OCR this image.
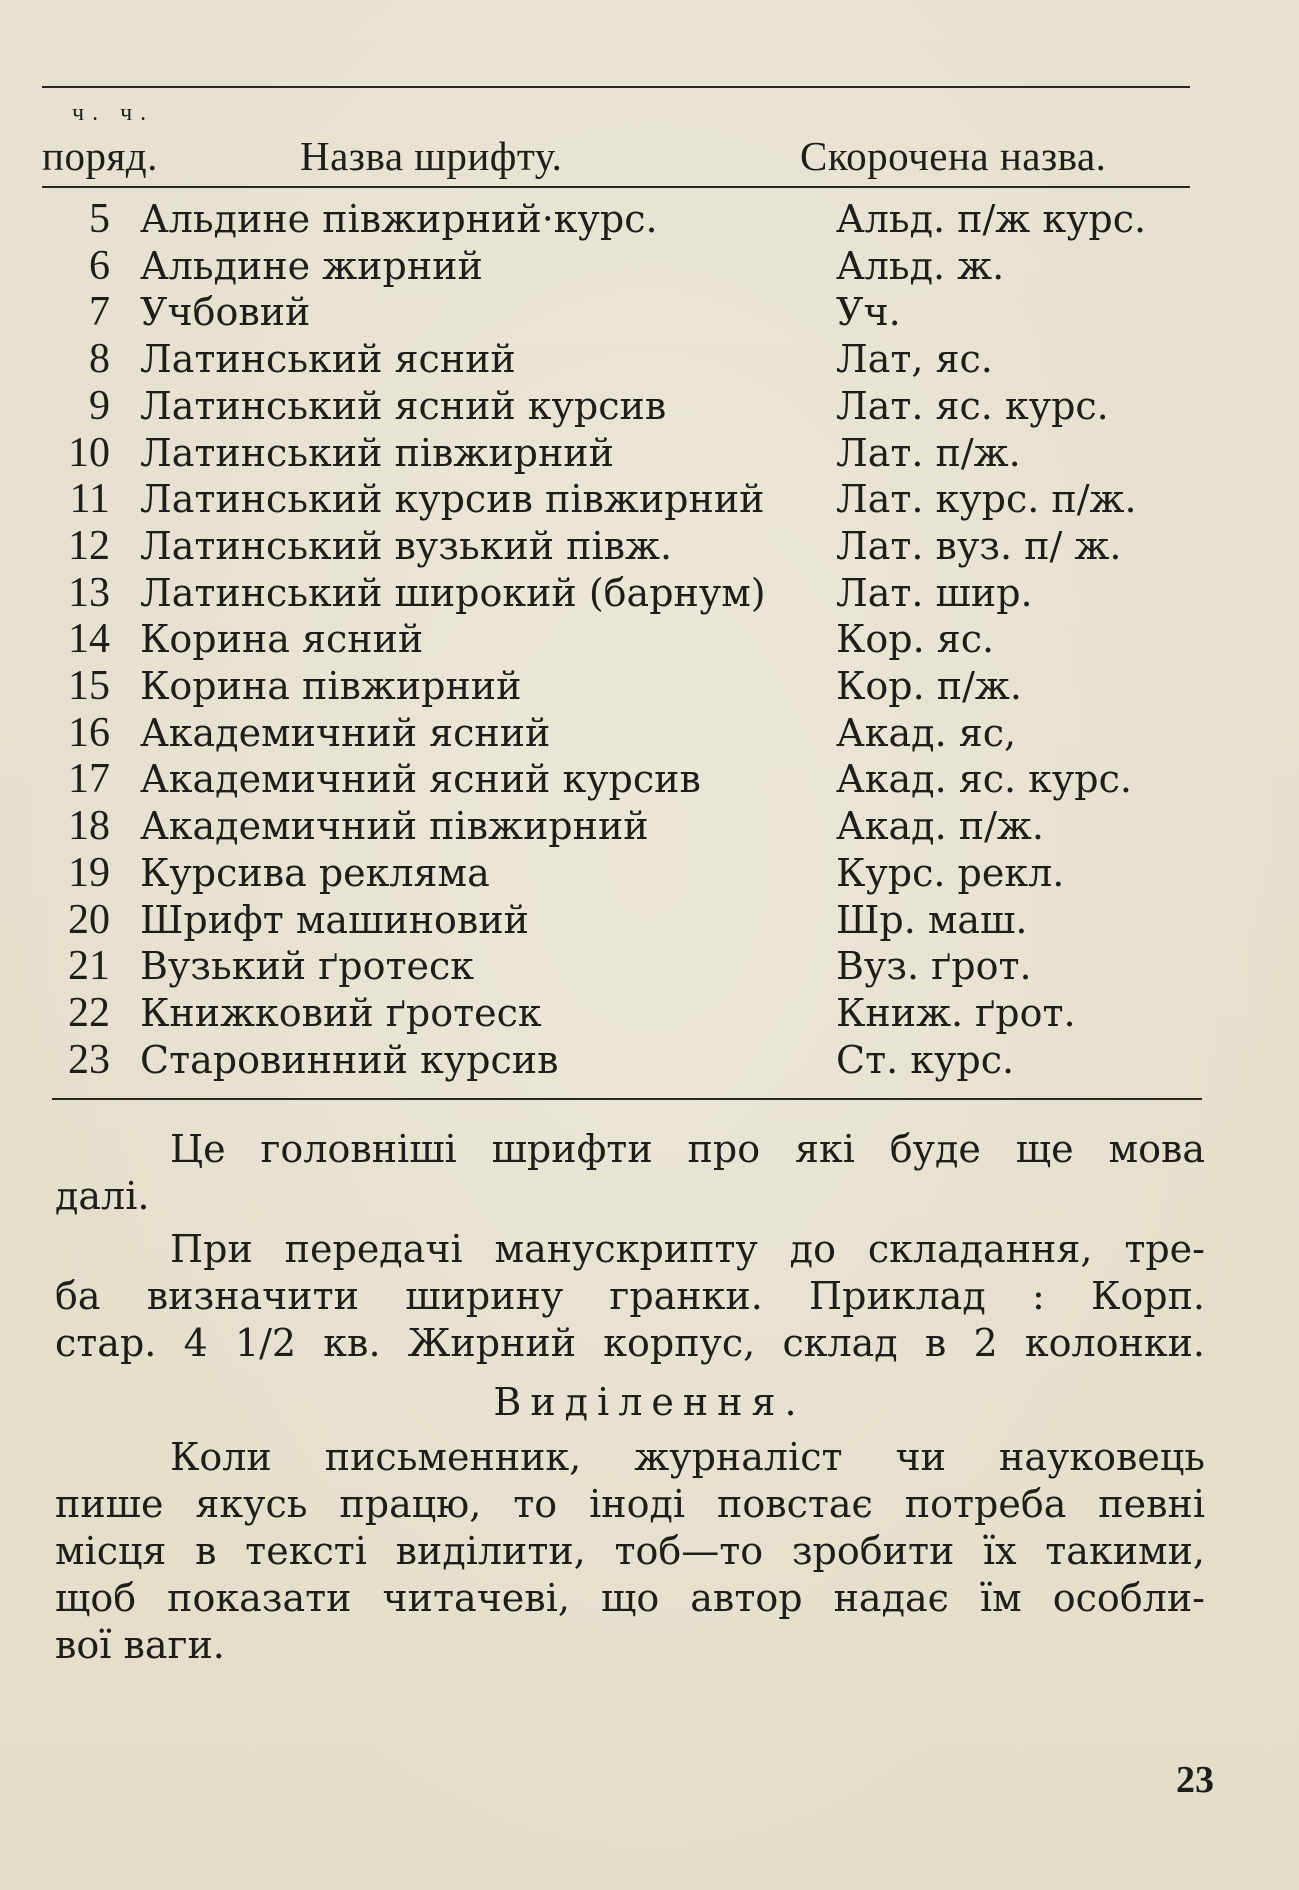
ч. ч.
поряд.	Назва шрифту.	Скорочена назва.
5	Альдине півжирний·курс.	Альд. п/ж курс.
6	Альдине жирний	Альд. ж.
7	Учбовий	Уч.
8	Латинський ясний	Лат, яс.
9	Латинський ясний курсив	Лат. яс. курс.
10	Латинський півжирний	Лат. п/ж.
11	Латинський курсив півжирний	Лат. курс. п/ж.
12	Латинський вузький півж.	Лат. вуз. п/ ж.
13	Латинський широкий (барнум)	Лат. шир.
14	Корина ясний	Кор. яс.
15	Корина півжирний	Кор. п/ж.
16	Академичний ясний	Акад. яс,
17	Академичний ясний курсив	Акад. яс. курс.
18	Академичний півжирний	Акад. п/ж.
19	Курсива рекляма	Курс. рекл.
20	Шрифт машиновий	Шр. маш.
21	Вузький ґротеск	Вуз. ґрот.
22	Книжковий ґротеск	Книж. ґрот.
23	Старовинний курсив	Ст. курс.
Це головніші шрифти про які буде ще мова
далі.
При передачі манускрипту до складання, тре-
ба визначити ширину гранки. Приклад : Корп.
стар. 4 1/2 кв. Жирний корпус, склад в 2 колонки.
Виділення.
Коли письменник, журналіст чи науковець
пише якусь працю, то іноді повстає потреба певні
місця в тексті виділити, тоб—то зробити їх такими,
щоб показати читачеві, що автор надає їм особли-
вої ваги.
23
